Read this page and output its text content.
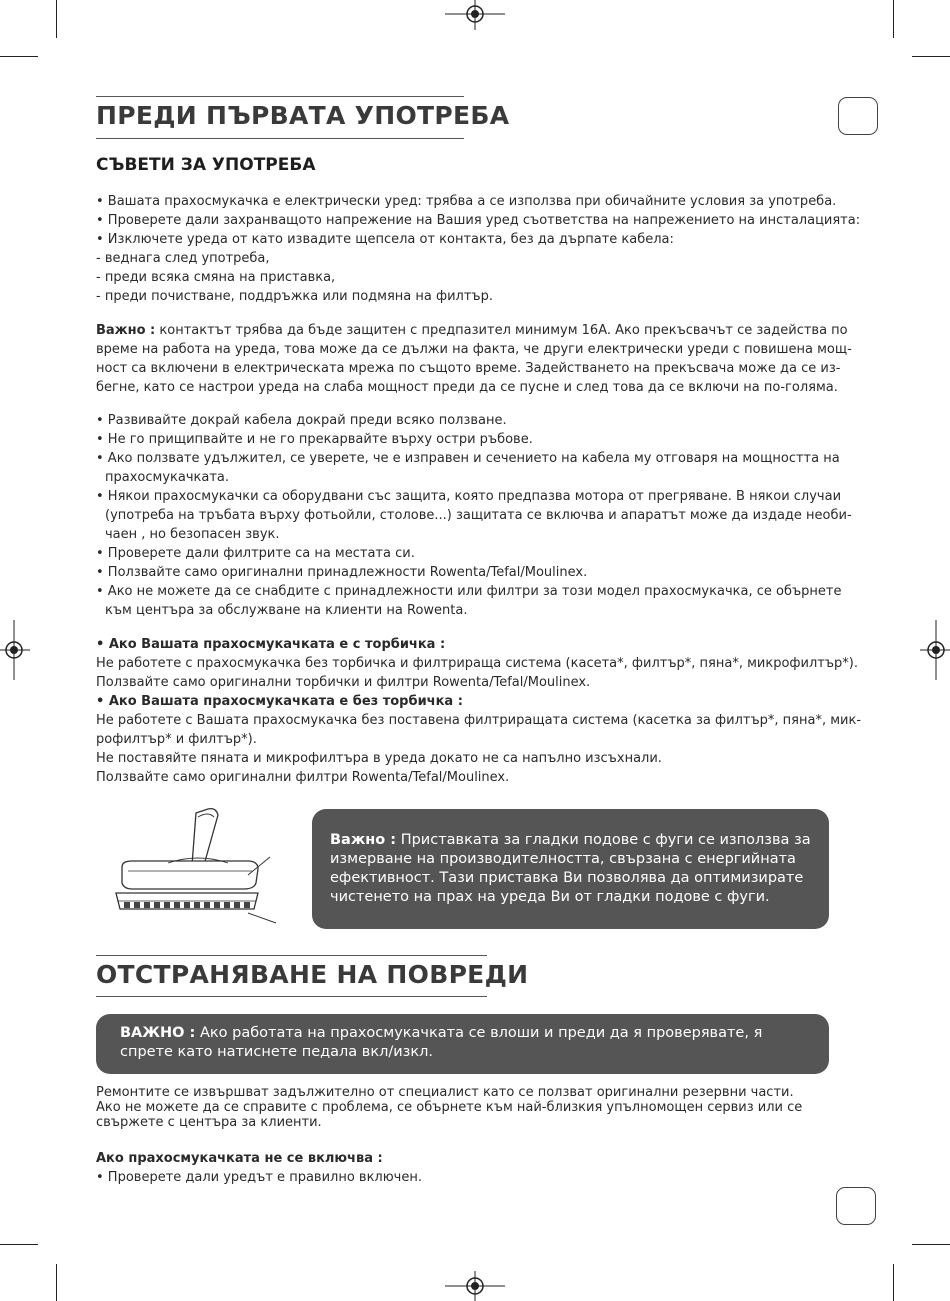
ПРЕДИ ПЪРВАТА УПОТРЕБА
СЪВЕТИ ЗА УПОТРЕБА
• Вашата прахосмукачка е електрически уред: трябва а се използва при обичайните условия за употреба.
• Проверете дали захранващото напрежение на Вашия уред съответства на напрежението на инсталацията:
• Изключете уреда от като извадите щепсела от контакта, без да дърпате кабела:
- веднага след употреба,
- преди всяка смяна на приставка,
- преди почистване, поддръжка или подмяна на филтър.
Важно : контактът трябва да бъде защитен с предпазител минимум 16A. Ако прекъсвачът се задейства по
време на работа на уреда, това може да се дължи на факта, че други електрически уреди с повишена мощ-
ност са включени в електрическата мрежа по същото време. Задействането на прекъсвача може да се из-
бегне, като се настрои уреда на слаба мощност преди да се пусне и след това да се включи на по-голяма.
• Развивайте докрай кабела докрай преди всяко ползване.
• Не го прищипвайте и не го прекарвайте върху остри ръбове.
• Ако ползвате удължител, се уверете, че е изправен и сечението на кабела му отговаря на мощността на
прахосмукачката.
• Някои прахосмукачки са оборудвани със защита, която предпазва мотора от прегряване. В някои случаи
(употреба на тръбата върху фотьойли, столове...) защитата се включва и апаратът може да издаде необи-
чаен , но безопасен звук.
• Проверете дали филтрите са на местата си.
• Ползвайте само оригинални принадлежности Rowenta/Tefal/Moulinex.
• Ако не можете да се снабдите с принадлежности или филтри за този модел прахосмукачка, се обърнете
към центъра за обслужване на клиенти на Rowenta.
• Ако Вашата прахосмукачката е с торбичка :
Не работете с прахосмукачка без торбичка и филтрираща система (касета*, филтър*, пяна*, микрофилтър*).
Ползвайте само оригинални торбички и филтри Rowenta/Tefal/Moulinex.
• Ако Вашата прахосмукачката е без торбичка :
Не работете с Вашата прахосмукачка без поставена филтриращата система (касетка за филтър*, пяна*, мик-
рофилтър* и филтър*).
Не поставяйте пяната и микрофилтъра в уреда докато не са напълно изсъхнали.
Ползвайте само оригинални филтри Rowenta/Tefal/Moulinex.
Важно : Приставката за гладки подове с фуги се използва за
измерване на производителността, свързана с енергийната
ефективност. Тази приставка Ви позволява да оптимизирате
чистенето на прах на уреда Ви от гладки подове с фуги.
ОТСТРАНЯВАНЕ НА ПОВРЕДИ
ВАЖНО : Ако работата на прахосмукачката се влоши и преди да я проверявате, я
спрете като натиснете педала вкл/изкл.
Ремонтите се извършват задължително от специалист като се ползват оригинални резервни части.
Ако не можете да се справите с проблема, се обърнете към най-близкия упълномощен сервиз или се
свържете с центъра за клиенти.
Ако прахосмукачката не се включва :
• Проверете дали уредът е правилно включен.
